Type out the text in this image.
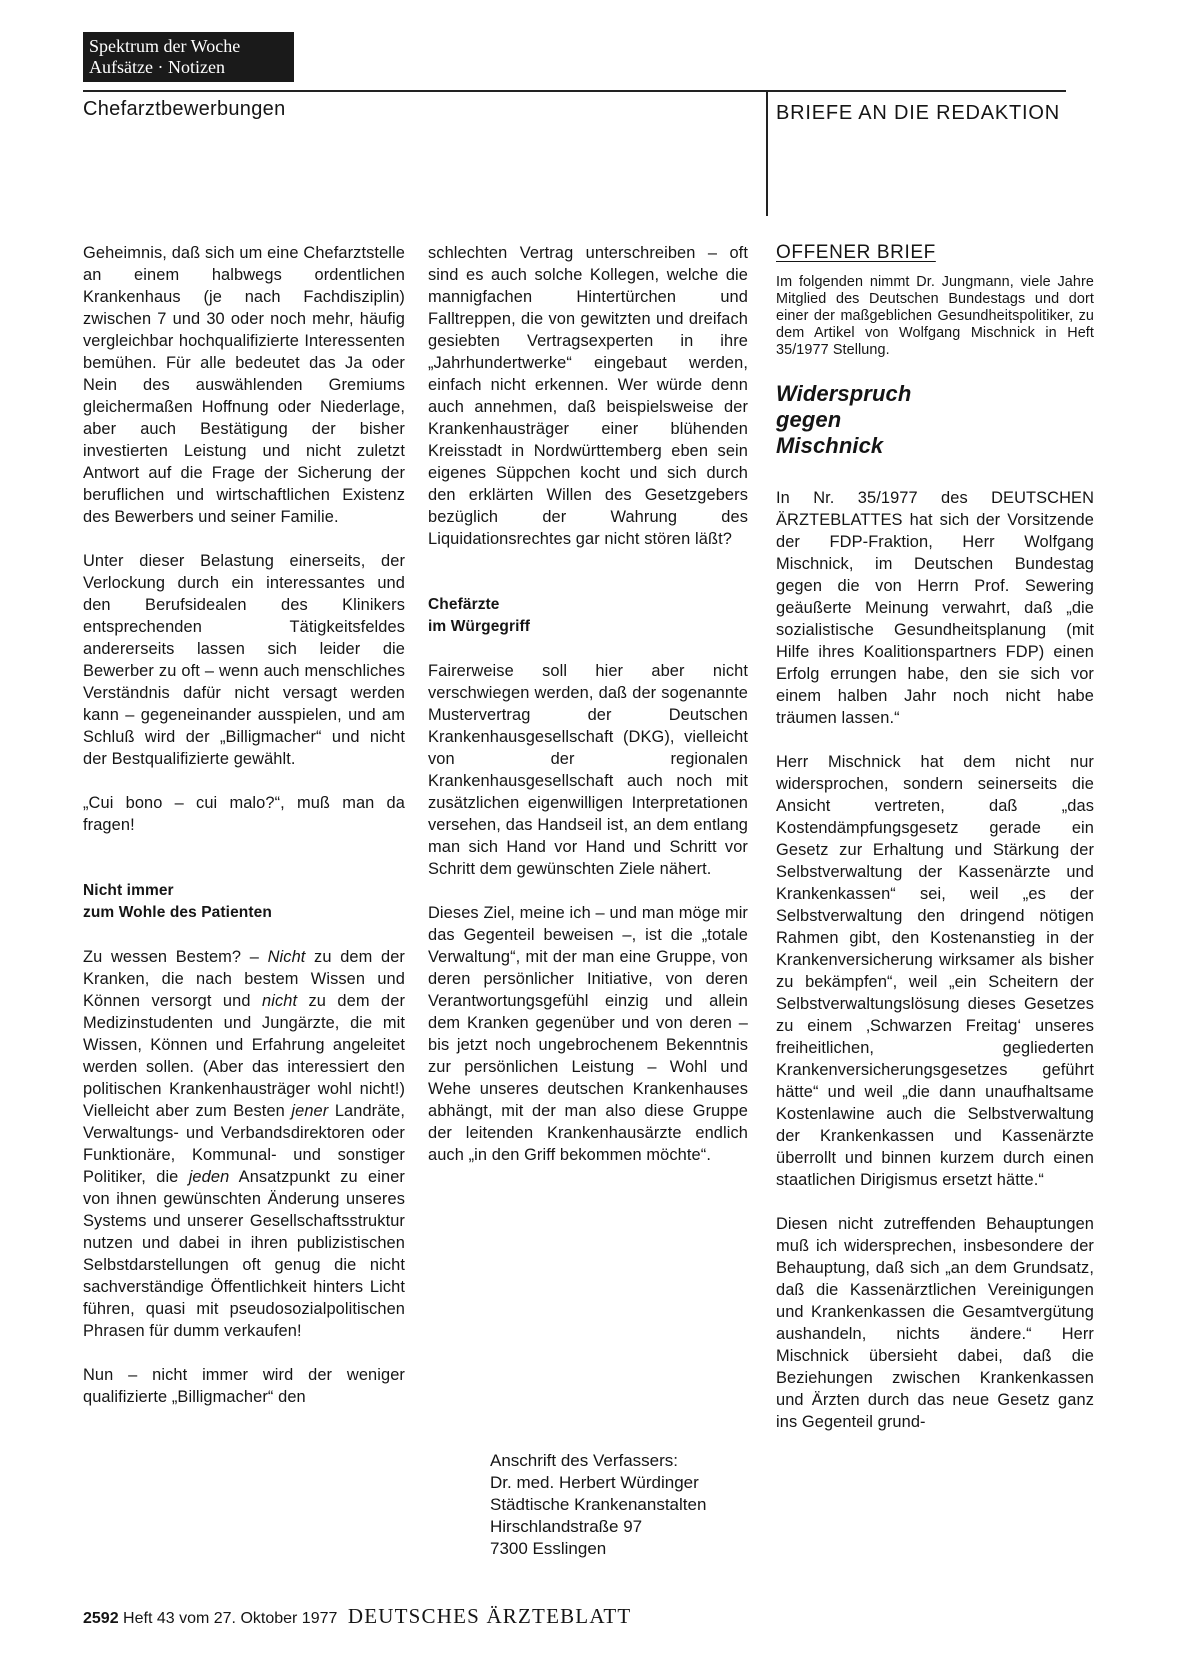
Spektrum der Woche
Aufsätze · Notizen
Chefarztbewerbungen	BRIEFE AN DIE REDAKTION

Geheimnis, daß sich um eine Chefarztstelle an einem halbwegs ordentlichen Krankenhaus (je nach Fachdisziplin) zwischen 7 und 30 oder noch mehr, häufig vergleichbar hochqualifizierte Interessenten bemühen. Für alle bedeutet das Ja oder Nein des auswählenden Gremiums gleichermaßen Hoffnung oder Niederlage, aber auch Bestätigung der bisher investierten Leistung und nicht zuletzt Antwort auf die Frage der Sicherung der beruflichen und wirtschaftlichen Existenz des Bewerbers und seiner Familie.

Unter dieser Belastung einerseits, der Verlockung durch ein interessantes und den Berufsidealen des Klinikers entsprechenden Tätigkeitsfeldes andererseits lassen sich leider die Bewerber zu oft – wenn auch menschliches Verständnis dafür nicht versagt werden kann – gegeneinander ausspielen, und am Schluß wird der „Billigmacher“ und nicht der Bestqualifizierte gewählt.

„Cui bono – cui malo?“, muß man da fragen!

Nicht immer
zum Wohle des Patienten

Zu wessen Bestem? – Nicht zu dem der Kranken, die nach bestem Wissen und Können versorgt und nicht zu dem der Medizinstudenten und Jungärzte, die mit Wissen, Können und Erfahrung angeleitet werden sollen. (Aber das interessiert den politischen Krankenhausträger wohl nicht!) Vielleicht aber zum Besten jener Landräte, Verwaltungs- und Verbandsdirektoren oder Funktionäre, Kommunal- und sonstiger Politiker, die jeden Ansatzpunkt zu einer von ihnen gewünschten Änderung unseres Systems und unserer Gesellschaftsstruktur nutzen und dabei in ihren publizistischen Selbstdarstellungen oft genug die nicht sachverständige Öffentlichkeit hinters Licht führen, quasi mit pseudosozialpolitischen Phrasen für dumm verkaufen!

Nun – nicht immer wird der weniger qualifizierte „Billigmacher“ den

schlechten Vertrag unterschreiben – oft sind es auch solche Kollegen, welche die mannigfachen Hintertürchen und Falltreppen, die von gewitzten und dreifach gesiebten Vertragsexperten in ihre „Jahrhundertwerke“ eingebaut werden, einfach nicht erkennen. Wer würde denn auch annehmen, daß beispielsweise der Krankenhausträger einer blühenden Kreisstadt in Nordwürttemberg eben sein eigenes Süppchen kocht und sich durch den erklärten Willen des Gesetzgebers bezüglich der Wahrung des Liquidationsrechtes gar nicht stören läßt?

Chefärzte
im Würgegriff

Fairerweise soll hier aber nicht verschwiegen werden, daß der sogenannte Mustervertrag der Deutschen Krankenhausgesellschaft (DKG), vielleicht von der regionalen Krankenhausgesellschaft auch noch mit zusätzlichen eigenwilligen Interpretationen versehen, das Handseil ist, an dem entlang man sich Hand vor Hand und Schritt vor Schritt dem gewünschten Ziele nähert.

Dieses Ziel, meine ich – und man möge mir das Gegenteil beweisen –, ist die „totale Verwaltung“, mit der man eine Gruppe, von deren persönlicher Initiative, von deren Verantwortungsgefühl einzig und allein dem Kranken gegenüber und von deren – bis jetzt noch ungebrochenem Bekenntnis zur persönlichen Leistung – Wohl und Wehe unseres deutschen Krankenhauses abhängt, mit der man also diese Gruppe der leitenden Krankenhausärzte endlich auch „in den Griff bekommen möchte“.

Anschrift des Verfassers:
Dr. med. Herbert Würdinger
Städtische Krankenanstalten
Hirschlandstraße 97
7300 Esslingen
OFFENER BRIEF
Im folgenden nimmt Dr. Jungmann, viele Jahre Mitglied des Deutschen Bundestags und dort einer der maßgeblichen Gesundheitspolitiker, zu dem Artikel von Wolfgang Mischnick in Heft 35/1977 Stellung.
Widerspruch
gegen
Mischnick

In Nr. 35/1977 des DEUTSCHEN ÄRZTEBLATTES hat sich der Vorsitzende der FDP-Fraktion, Herr Wolfgang Mischnick, im Deutschen Bundestag gegen die von Herrn Prof. Sewering geäußerte Meinung verwahrt, daß „die sozialistische Gesundheitsplanung (mit Hilfe ihres Koalitionspartners FDP) einen Erfolg errungen habe, den sie sich vor einem halben Jahr noch nicht habe träumen lassen.“

Herr Mischnick hat dem nicht nur widersprochen, sondern seinerseits die Ansicht vertreten, daß „das Kostendämpfungsgesetz gerade ein Gesetz zur Erhaltung und Stärkung der Selbstverwaltung der Kassenärzte und Krankenkassen“ sei, weil „es der Selbstverwaltung den dringend nötigen Rahmen gibt, den Kostenanstieg in der Krankenversicherung wirksamer als bisher zu bekämpfen“, weil „ein Scheitern der Selbstverwaltungslösung dieses Gesetzes zu einem ‚Schwarzen Freitag‘ unseres freiheitlichen, gegliederten Krankenversicherungsgesetzes geführt hätte“ und weil „die dann unaufhaltsame Kostenlawine auch die Selbstverwaltung der Krankenkassen und Kassenärzte überrollt und binnen kurzem durch einen staatlichen Dirigismus ersetzt hätte.“

Diesen nicht zutreffenden Behauptungen muß ich widersprechen, insbesondere der Behauptung, daß sich „an dem Grundsatz, daß die Kassenärztlichen Vereinigungen und Krankenkassen die Gesamtvergütung aushandeln, nichts ändere.“ Herr Mischnick übersieht dabei, daß die Beziehungen zwischen Krankenkassen und Ärzten durch das neue Gesetz ganz ins Gegenteil grund-

2592 Heft 43 vom 27. Oktober 1977 DEUTSCHES ÄRZTEBLATT
